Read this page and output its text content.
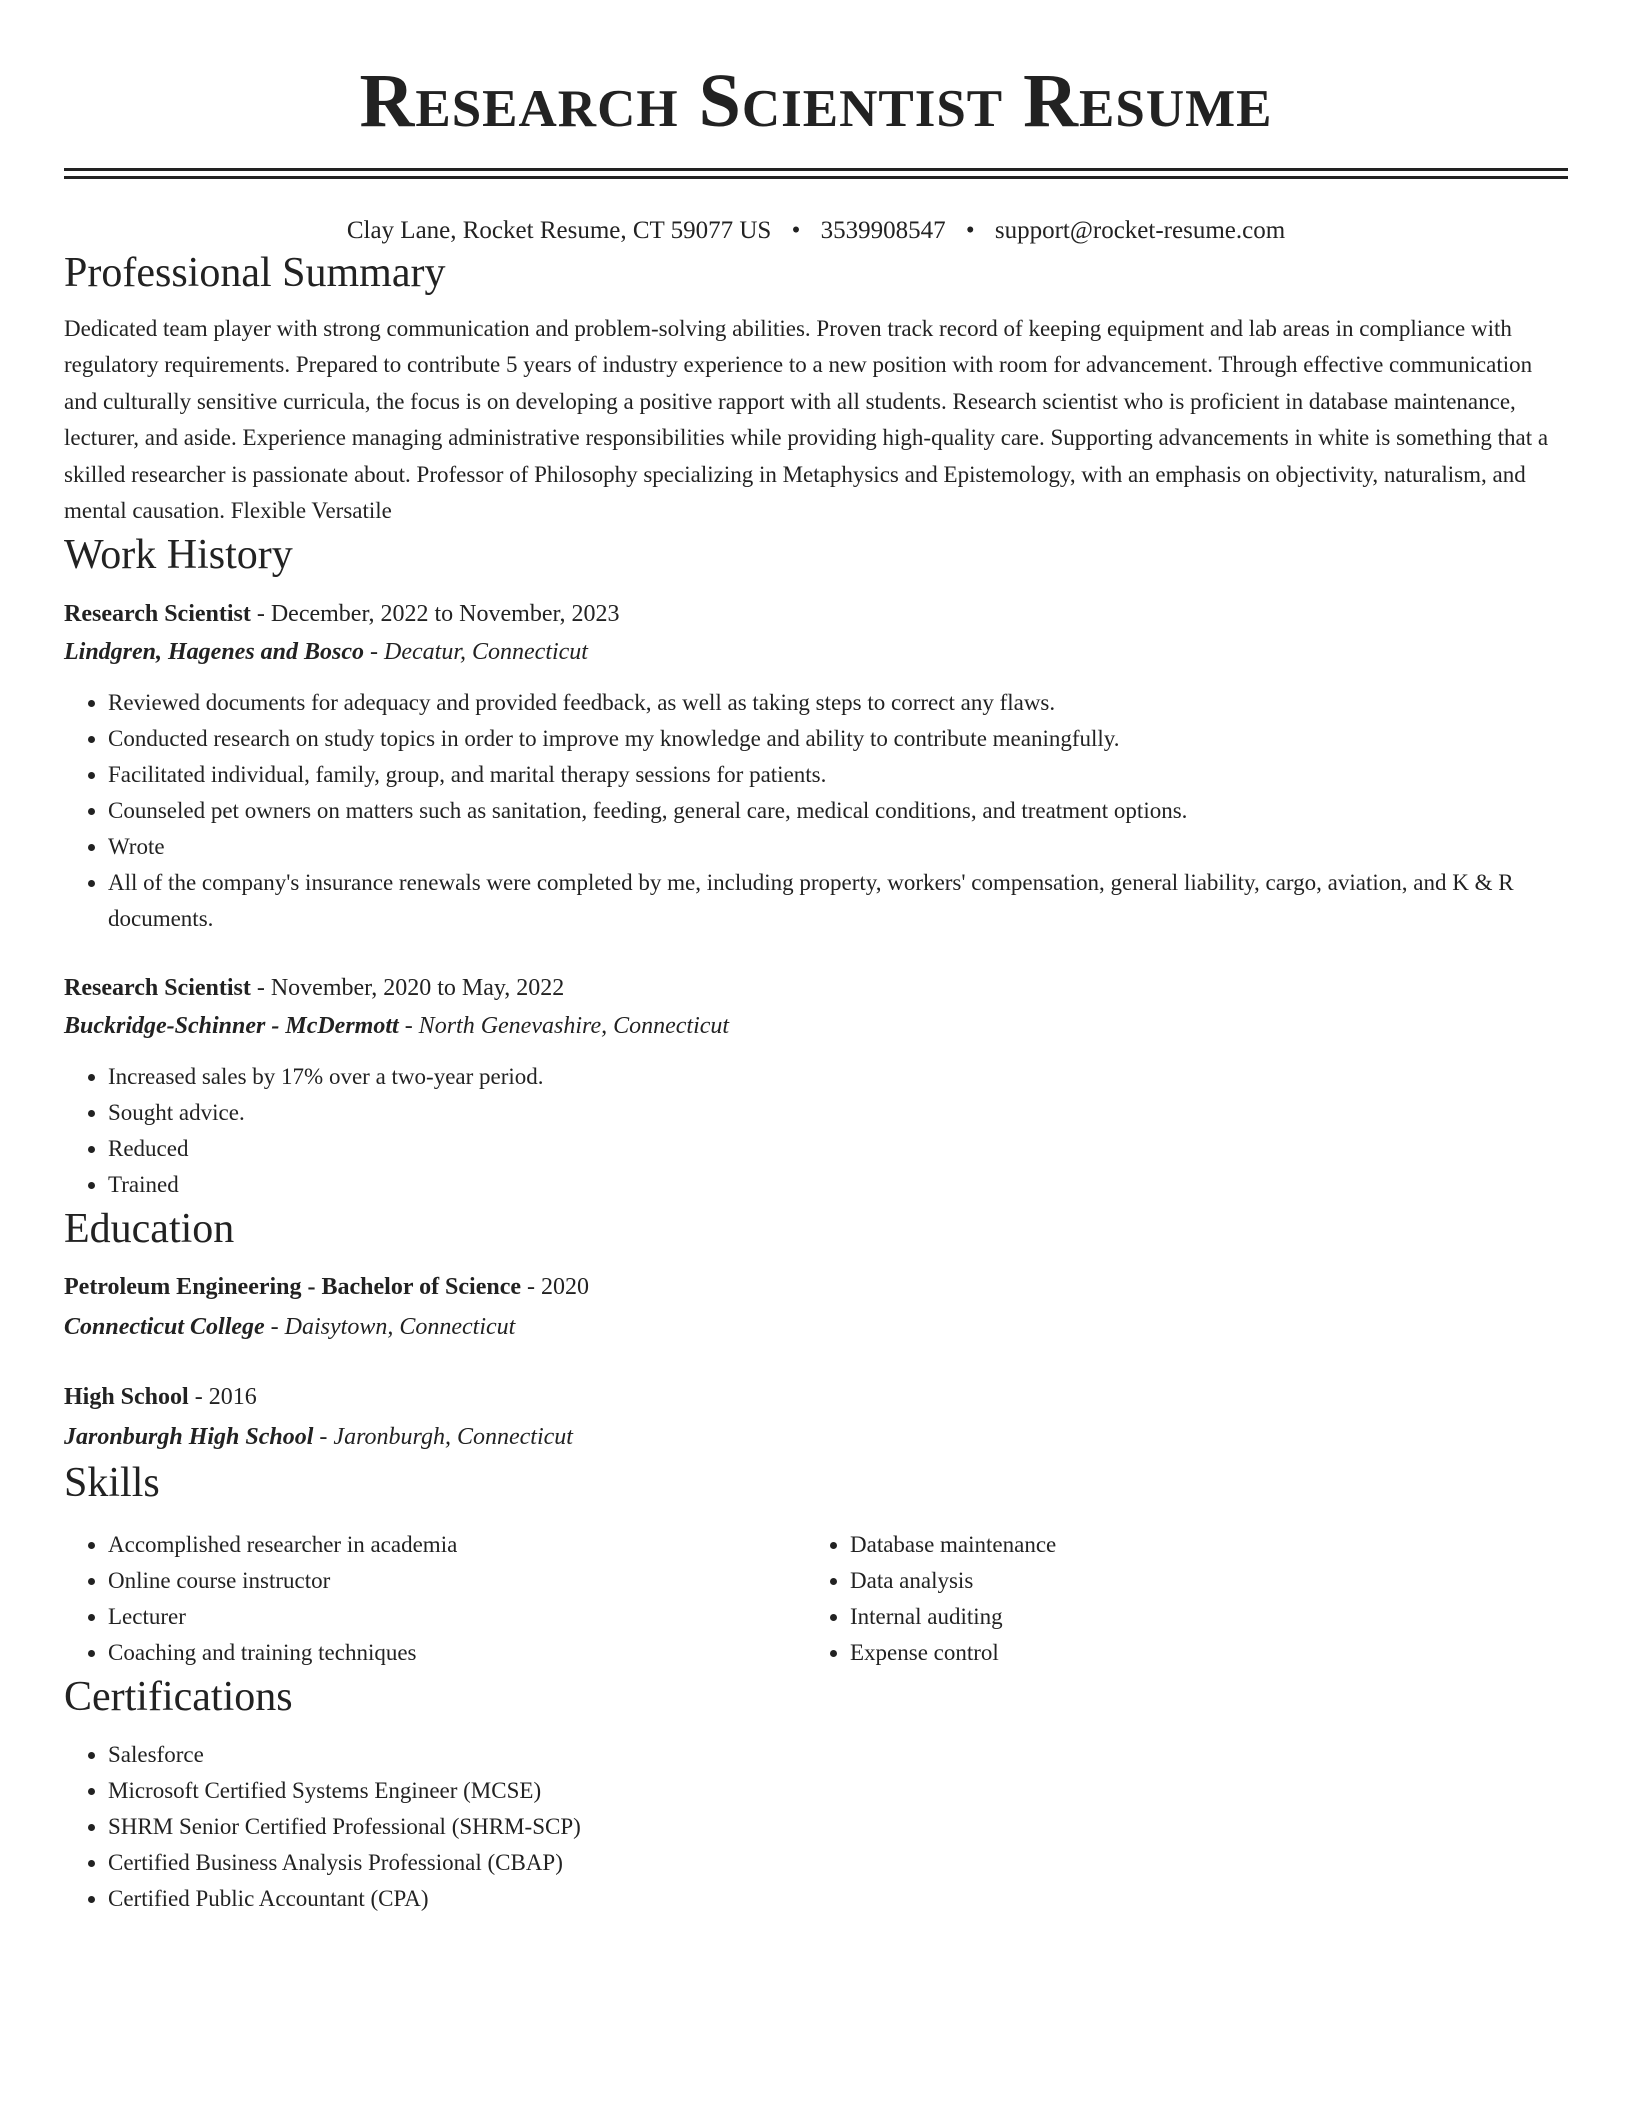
Research Scientist Resume
Clay Lane, Rocket Resume, CT 59077 US • 3539908547 • support@rocket-resume.com
Professional Summary

Dedicated team player with strong communication and problem-solving abilities. Proven track record of keeping equipment and lab areas in compliance with regulatory requirements. Prepared to contribute 5 years of industry experience to a new position with room for advancement. Through effective communication and culturally sensitive curricula, the focus is on developing a positive rapport with all students. Research scientist who is proficient in database maintenance, lecturer, and aside. Experience managing administrative responsibilities while providing high-quality care. Supporting advancements in white is something that a skilled researcher is passionate about. Professor of Philosophy specializing in Metaphysics and Epistemology, with an emphasis on objectivity, naturalism, and mental causation. Flexible Versatile

Work History
Research Scientist - December, 2022 to November, 2023
Lindgren, Hagenes and Bosco - Decatur, Connecticut
• Reviewed documents for adequacy and provided feedback, as well as taking steps to correct any flaws.
• Conducted research on study topics in order to improve my knowledge and ability to contribute meaningfully.
• Facilitated individual, family, group, and marital therapy sessions for patients.
• Counseled pet owners on matters such as sanitation, feeding, general care, medical conditions, and treatment options.
• Wrote
• All of the company's insurance renewals were completed by me, including property, workers' compensation, general liability, cargo, aviation, and K & R documents.
Research Scientist - November, 2020 to May, 2022
Buckridge-Schinner - McDermott - North Genevashire, Connecticut
• Increased sales by 17% over a two-year period.
• Sought advice.
• Reduced
• Trained
Education
Petroleum Engineering - Bachelor of Science - 2020
Connecticut College - Daisytown, Connecticut
High School - 2016
Jaronburgh High School - Jaronburgh, Connecticut
Skills
• Accomplished researcher in academia
• Online course instructor
• Lecturer
• Coaching and training techniques
• Database maintenance
• Data analysis
• Internal auditing
• Expense control
Certifications
• Salesforce
• Microsoft Certified Systems Engineer (MCSE)
• SHRM Senior Certified Professional (SHRM-SCP)
• Certified Business Analysis Professional (CBAP)
• Certified Public Accountant (CPA)
